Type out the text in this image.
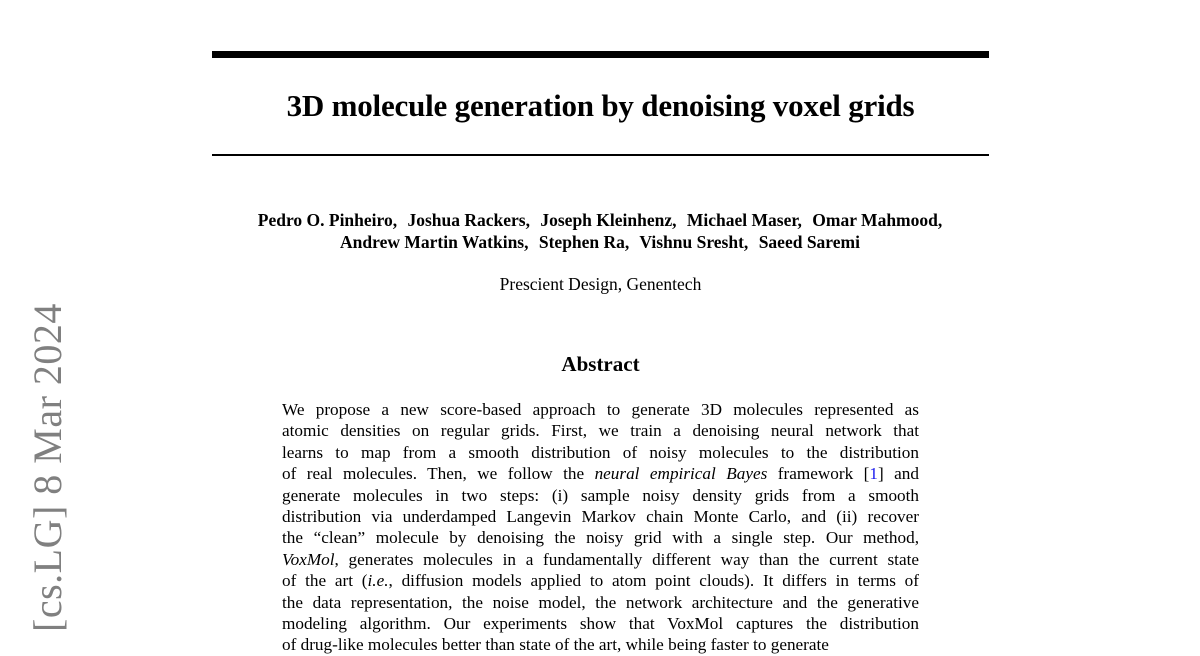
3D molecule generation by denoising voxel grids
Pedro O. Pinheiro, Joshua Rackers, Joseph Kleinhenz, Michael Maser, Omar Mahmood,
Andrew Martin Watkins, Stephen Ra, Vishnu Sresht, Saeed Saremi
Prescient Design, Genentech
Abstract
We propose a new score-based approach to generate 3D molecules represented as
atomic densities on regular grids. First, we train a denoising neural network that
learns to map from a smooth distribution of noisy molecules to the distribution
of real molecules. Then, we follow the neural empirical Bayes framework [1] and
generate molecules in two steps: (i) sample noisy density grids from a smooth
distribution via underdamped Langevin Markov chain Monte Carlo, and (ii) recover
the “clean” molecule by denoising the noisy grid with a single step. Our method,
VoxMol, generates molecules in a fundamentally different way than the current state
of the art (i.e., diffusion models applied to atom point clouds). It differs in terms of
the data representation, the noise model, the network architecture and the generative
modeling algorithm. Our experiments show that VoxMol captures the distribution
of drug-like molecules better than state of the art, while being faster to generate
[cs.LG] 8 Mar 2024
